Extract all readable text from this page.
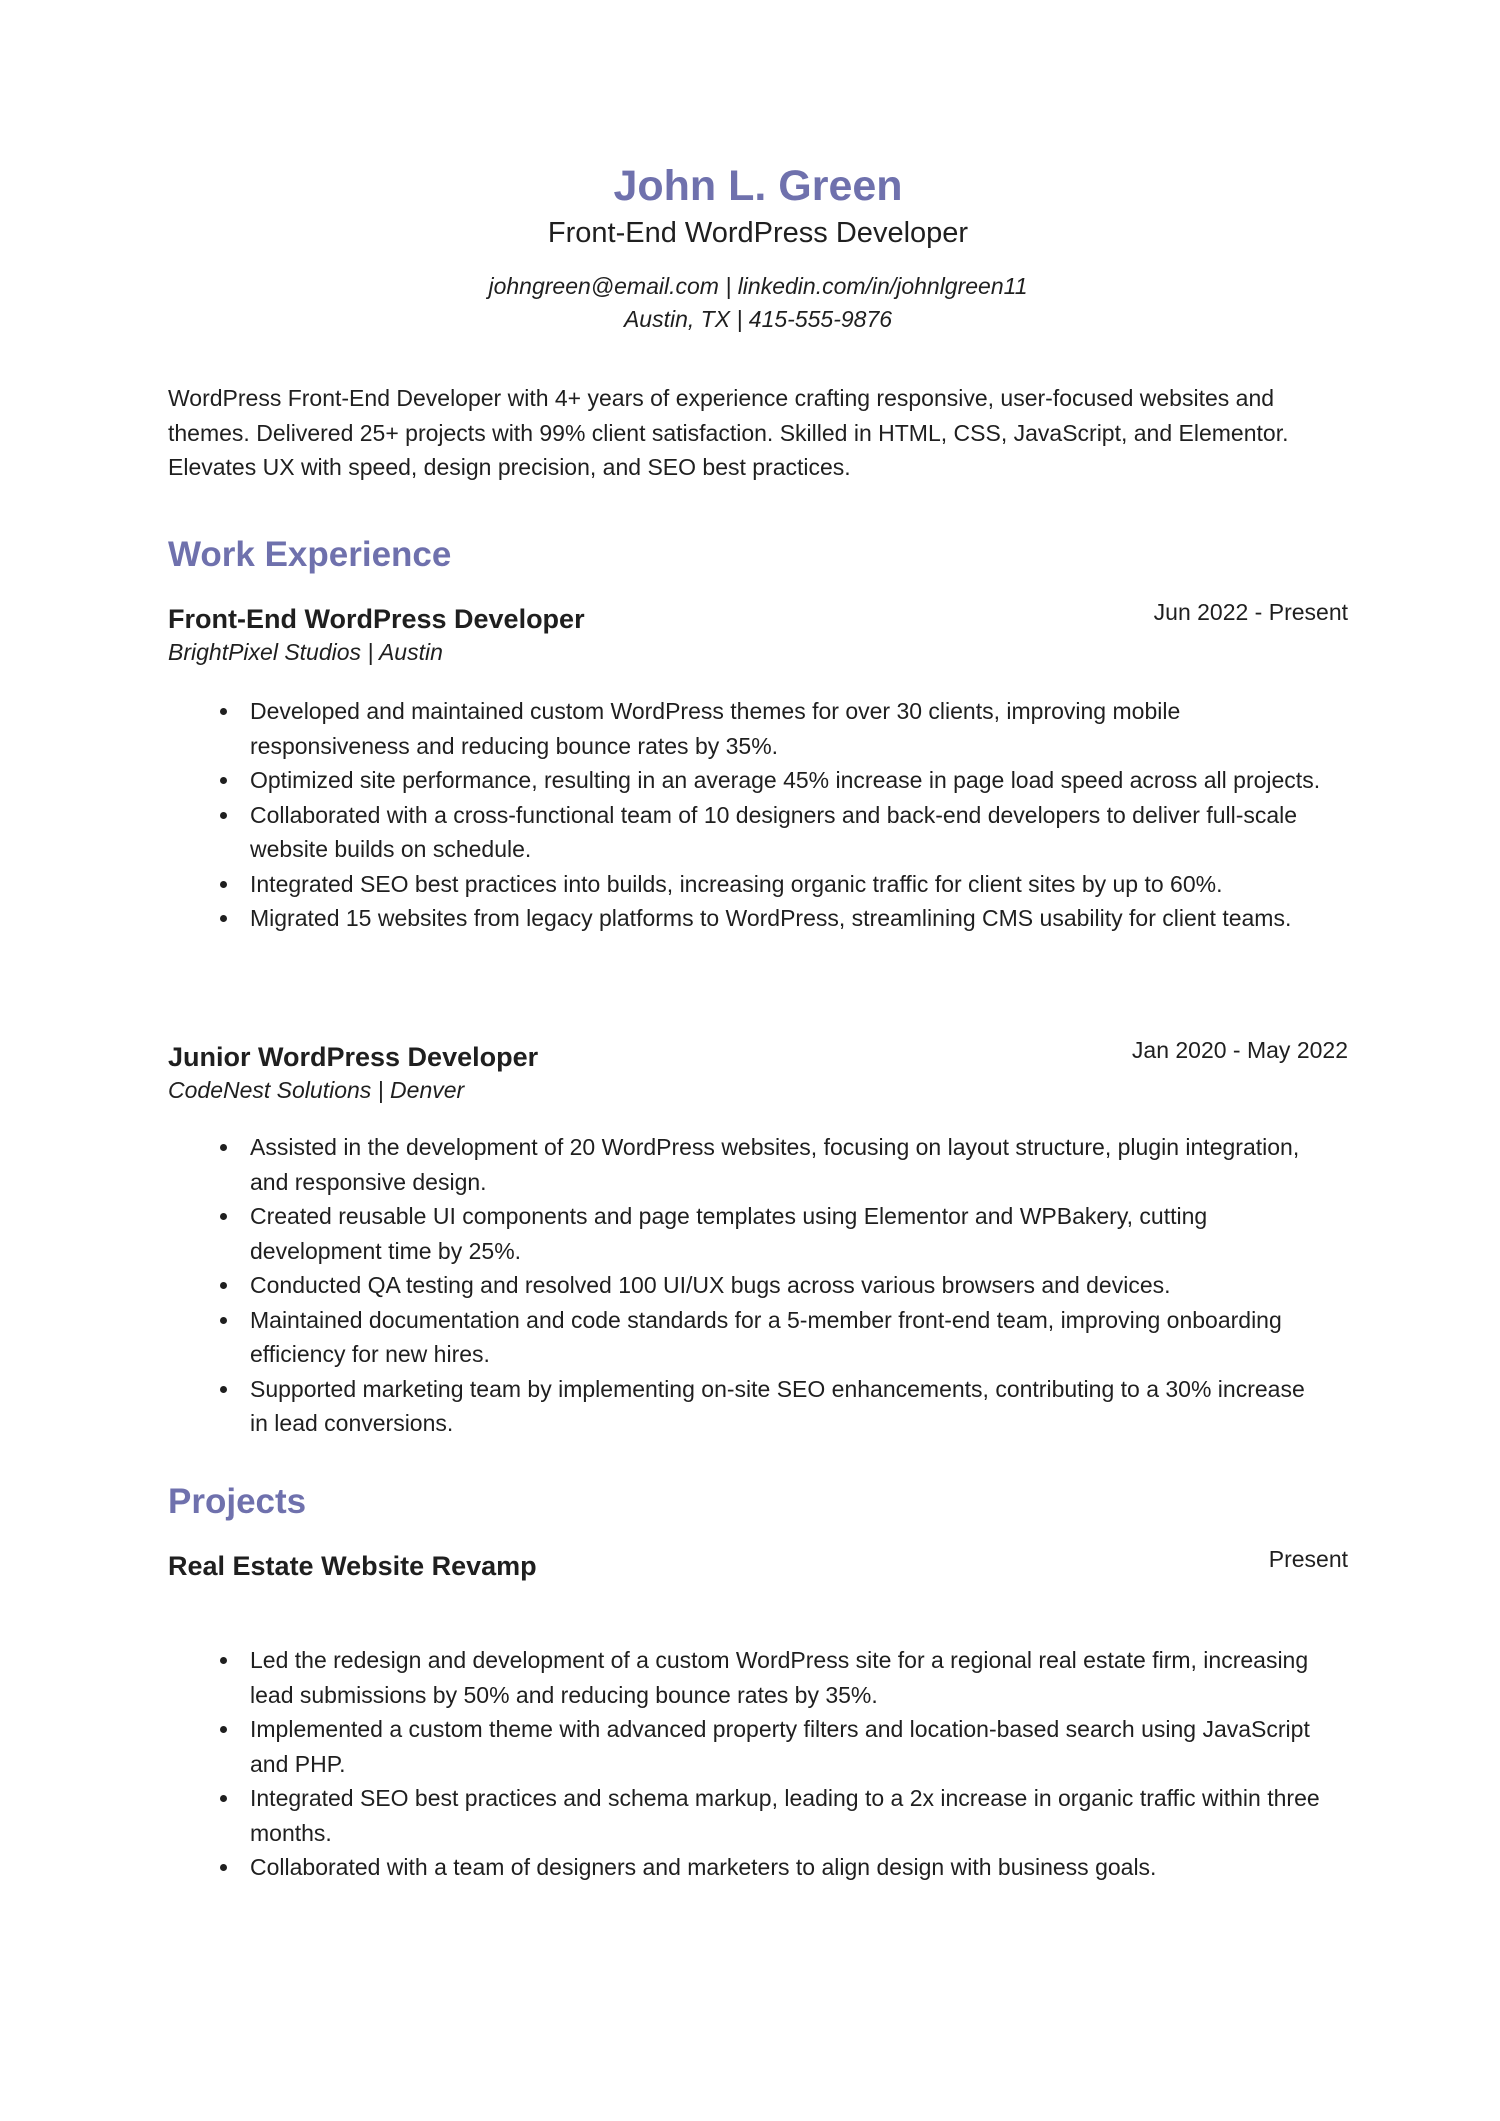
John L. Green
Front-End WordPress Developer
johngreen@email.com | linkedin.com/in/johnlgreen11
Austin, TX | 415-555-9876
WordPress Front-End Developer with 4+ years of experience crafting responsive, user-focused websites and themes. Delivered 25+ projects with 99% client satisfaction. Skilled in HTML, CSS, JavaScript, and Elementor. Elevates UX with speed, design precision, and SEO best practices.
Work Experience
Front-End WordPress Developer	Jun 2022 - Present
BrightPixel Studios | Austin
Developed and maintained custom WordPress themes for over 30 clients, improving mobile responsiveness and reducing bounce rates by 35%.
Optimized site performance, resulting in an average 45% increase in page load speed across all projects.
Collaborated with a cross-functional team of 10 designers and back-end developers to deliver full-scale website builds on schedule.
Integrated SEO best practices into builds, increasing organic traffic for client sites by up to 60%.
Migrated 15 websites from legacy platforms to WordPress, streamlining CMS usability for client teams.
Junior WordPress Developer	Jan 2020 - May 2022
CodeNest Solutions | Denver
Assisted in the development of 20 WordPress websites, focusing on layout structure, plugin integration, and responsive design.
Created reusable UI components and page templates using Elementor and WPBakery, cutting development time by 25%.
Conducted QA testing and resolved 100 UI/UX bugs across various browsers and devices.
Maintained documentation and code standards for a 5-member front-end team, improving onboarding efficiency for new hires.
Supported marketing team by implementing on-site SEO enhancements, contributing to a 30% increase in lead conversions.
Projects
Real Estate Website Revamp	Present
Led the redesign and development of a custom WordPress site for a regional real estate firm, increasing lead submissions by 50% and reducing bounce rates by 35%.
Implemented a custom theme with advanced property filters and location-based search using JavaScript and PHP.
Integrated SEO best practices and schema markup, leading to a 2x increase in organic traffic within three months.
Collaborated with a team of designers and marketers to align design with business goals.
